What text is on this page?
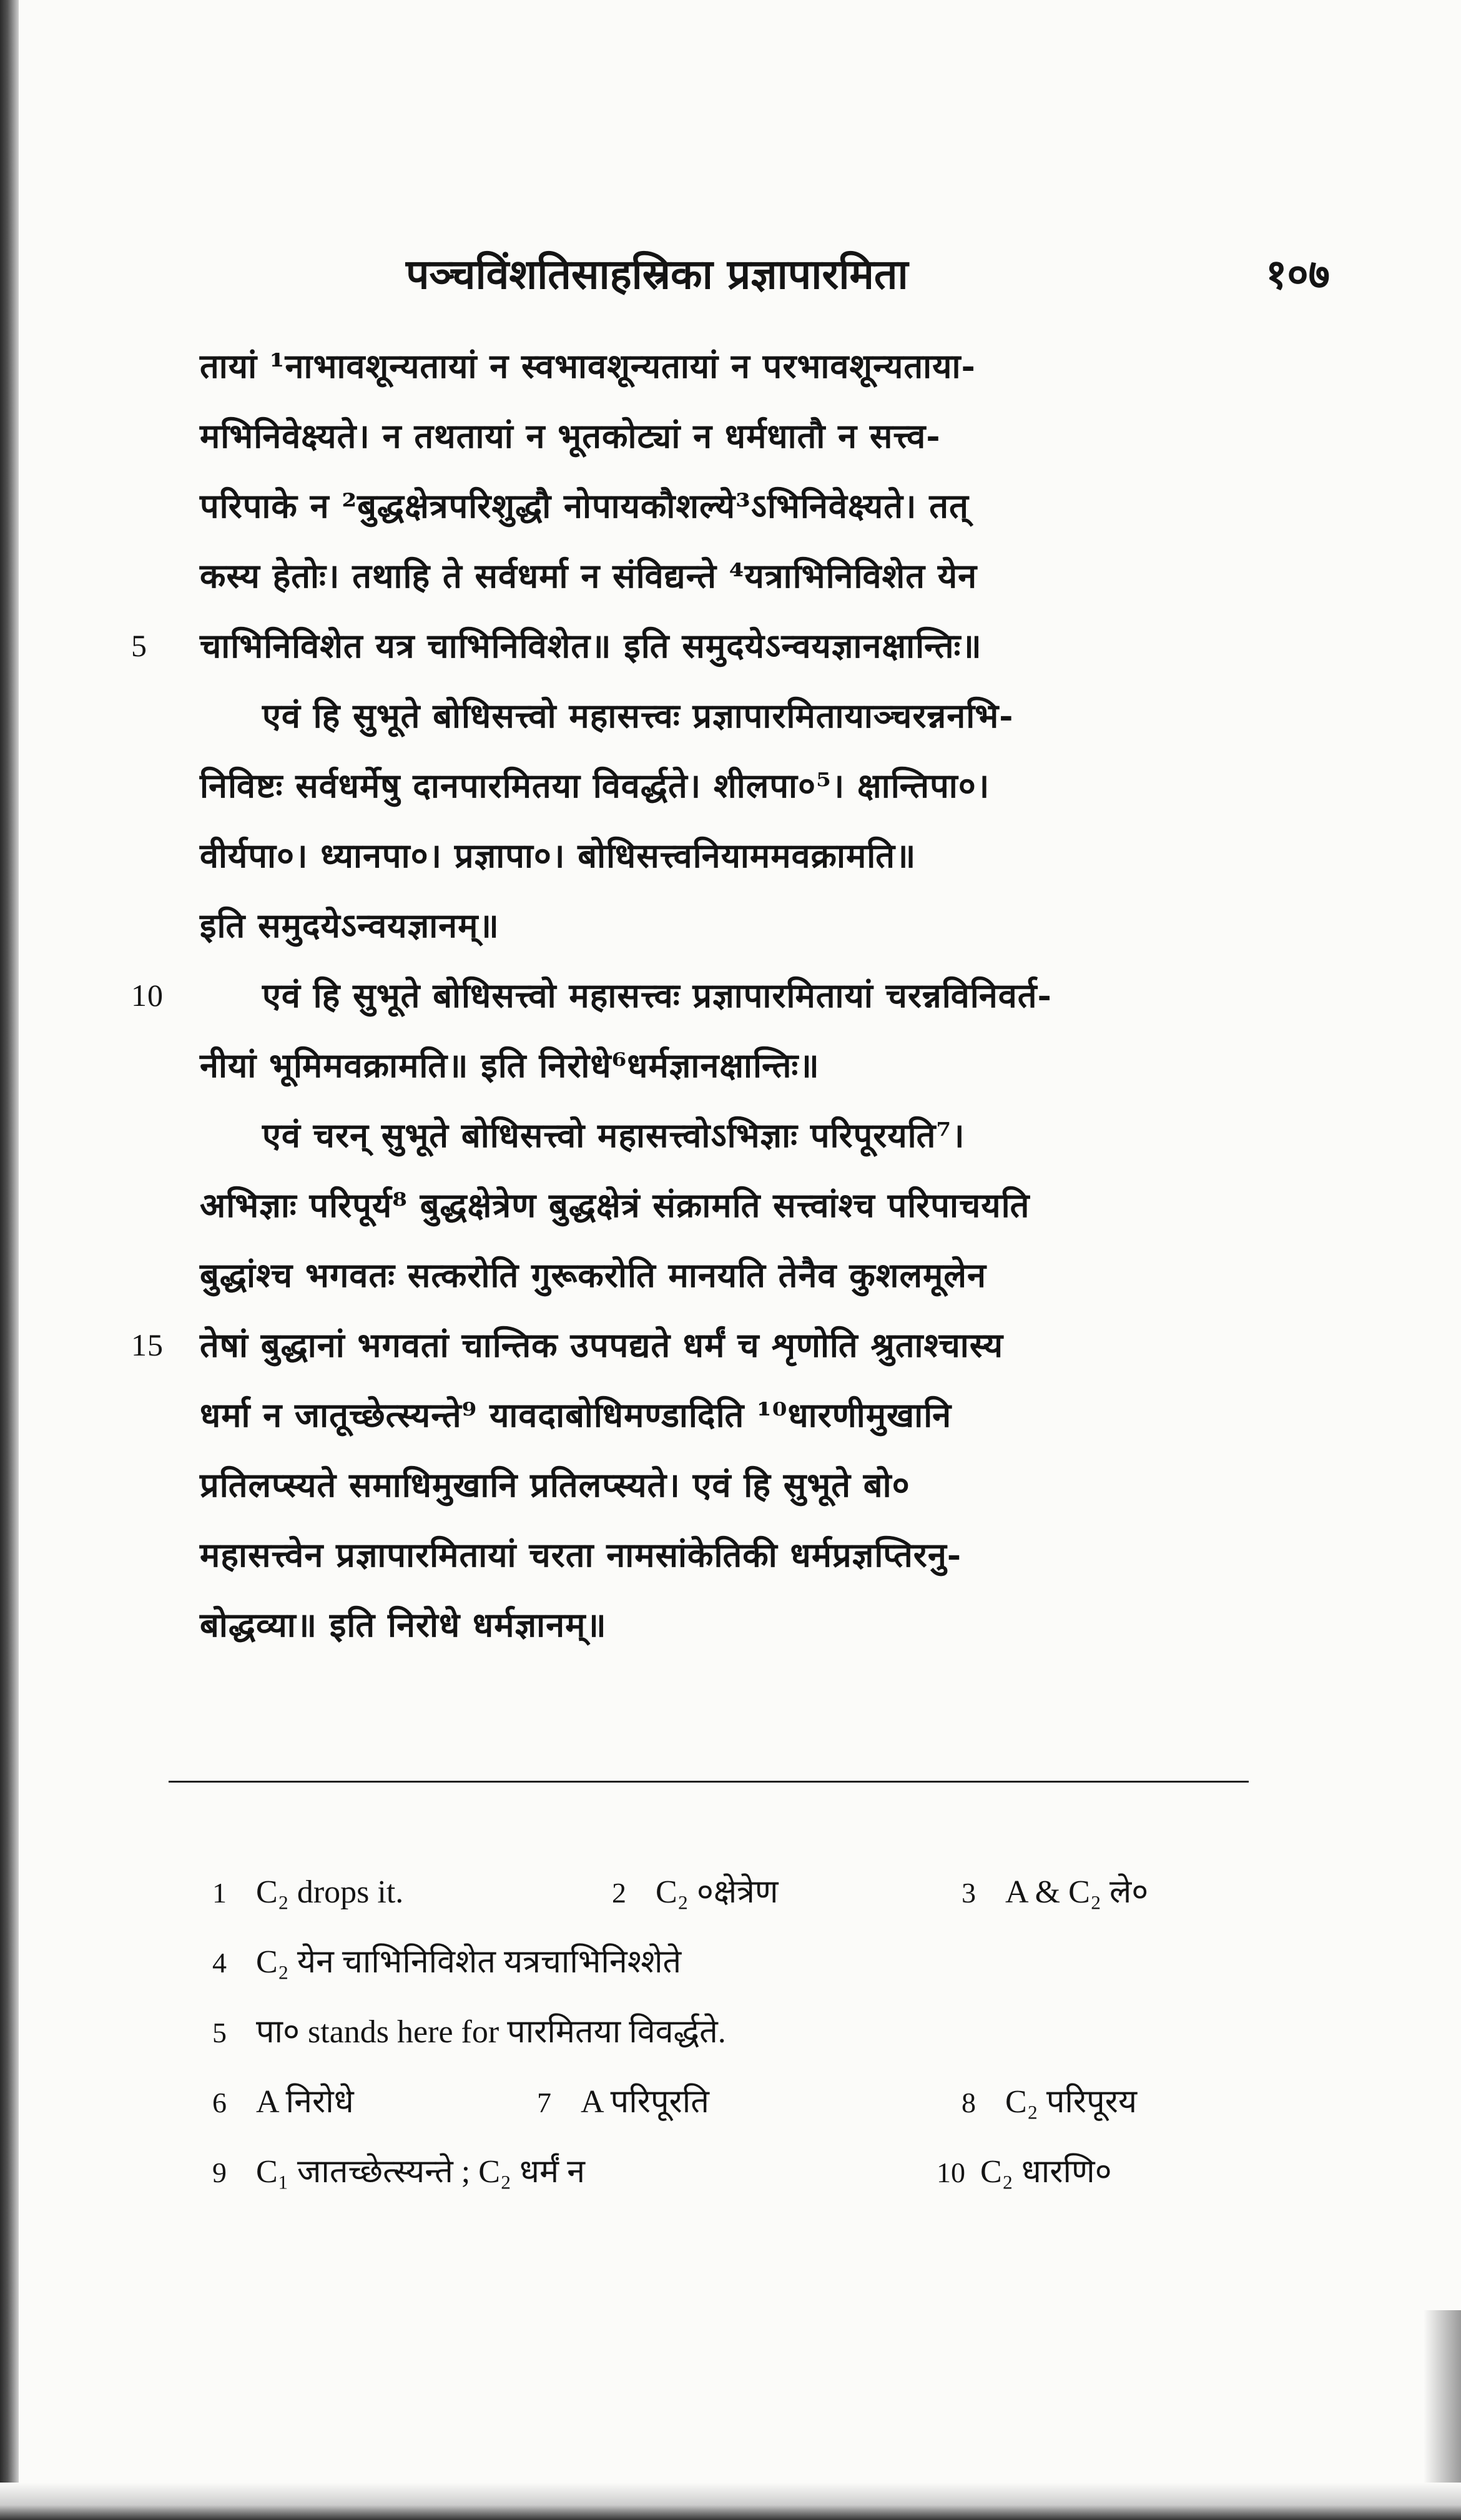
पञ्चविंशतिसाहस्रिका प्रज्ञापारमिता	१०७
तायां ¹नाभावशून्यतायां न स्वभावशून्यतायां न परभावशून्यताया-
मभिनिवेक्ष्यते। न तथतायां न भूतकोट्यां न धर्मधातौ न सत्त्व-
परिपाके न ²बुद्धक्षेत्रपरिशुद्धौ नोपायकौशल्ये³ऽभिनिवेक्ष्यते। तत्
कस्य हेतोः। तथाहि ते सर्वधर्मा न संविद्यन्ते ⁴यत्राभिनिविशेत येन
5	चाभिनिविशेत यत्र चाभिनिविशेत॥ इति समुदयेऽन्वयज्ञानक्षान्तिः॥
एवं हि सुभूते बोधिसत्त्वो महासत्त्वः प्रज्ञापारमितायाञ्चरन्ननभि-
निविष्टः सर्वधर्मेषु दानपारमितया विवर्द्धते। शीलपा०⁵। क्षान्तिपा०।
वीर्यपा०। ध्यानपा०। प्रज्ञापा०। बोधिसत्त्वनियाममवक्रामति॥
इति समुदयेऽन्वयज्ञानम्॥
10	एवं हि सुभूते बोधिसत्त्वो महासत्त्वः प्रज्ञापारमितायां चरन्नविनिवर्त-
नीयां भूमिमवक्रामति॥ इति निरोधे⁶धर्मज्ञानक्षान्तिः॥
एवं चरन् सुभूते बोधिसत्त्वो महासत्त्वोऽभिज्ञाः परिपूरयति⁷।
अभिज्ञाः परिपूर्य⁸ बुद्धक्षेत्रेण बुद्धक्षेत्रं संक्रामति सत्त्वांश्च परिपाचयति
बुद्धांश्च भगवतः सत्करोति गुरूकरोति मानयति तेनैव कुशलमूलेन
15	तेषां बुद्धानां भगवतां चान्तिक उपपद्यते धर्मं च शृणोति श्रुताश्चास्य
धर्मा न जातूच्छेत्स्यन्ते⁹ यावदाबोधिमण्डादिति ¹⁰धारणीमुखानि
प्रतिलप्स्यते समाधिमुखानि प्रतिलप्स्यते। एवं हि सुभूते बो०
महासत्त्वेन प्रज्ञापारमितायां चरता नामसांकेतिकी धर्मप्रज्ञप्तिरनु-
बोद्धव्या॥ इति निरोधे धर्मज्ञानम्॥
1 C₂ drops it.	2 C₂ ०क्षेत्रेण	3 A & C₂ ले०
4 C₂ येन चाभिनिविशेत यत्रचाभिनिश्शेते
5 पा० stands here for पारमितया विवर्द्धते.
6 A निरोधे	7 A परिपूरति	8 C₂ परिपूरय
9 C₁ जातच्छेत्स्यन्ते ; C₂ धर्मं न	10 C₂ धारणि०
